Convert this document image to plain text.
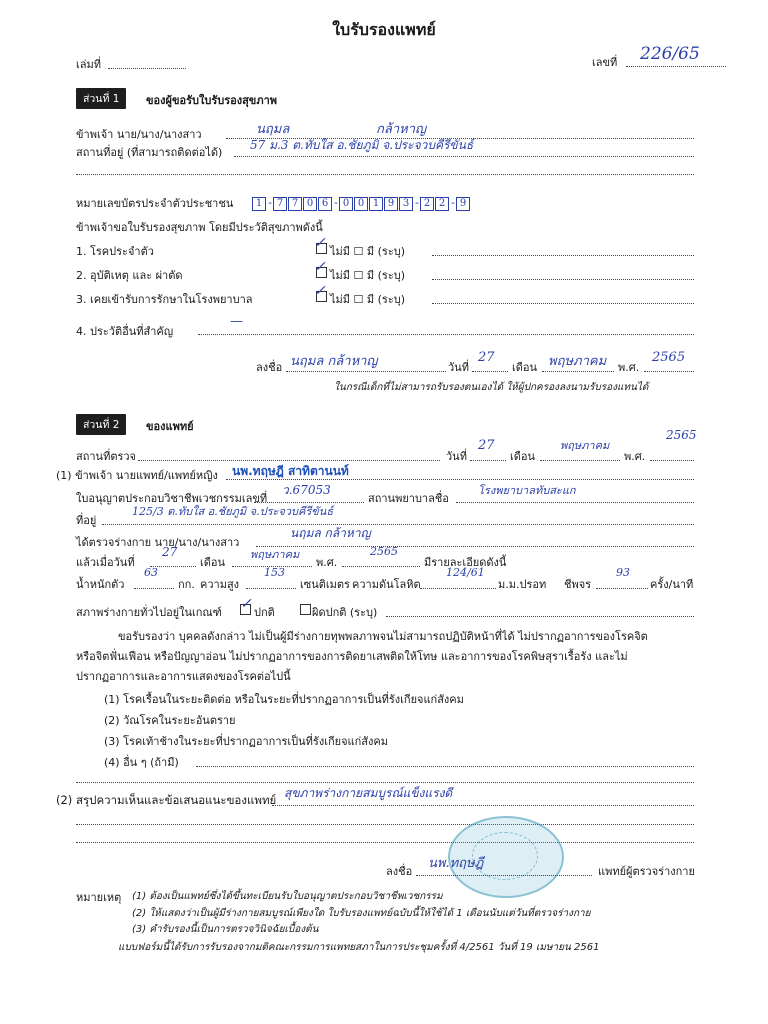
ใบรับรองแพทย์
เล่มที่	เลขที่ 226/65
ส่วนที่ 1	ของผู้ขอรับใบรับรองสุขภาพ
ข้าพเจ้า นาย/นาง/นางสาว	นฤมล	กล้าหาญ
สถานที่อยู่ (ที่สามารถติดต่อได้)
57 ม.3 ต.ทับใส อ.ชัยภูมิ จ.ประจวบคีรีขันธ์
หมายเลขบัตรประจำตัวประชาชน	1 - 7 7 0 6 - 0 0 1 9 3 - 2 2 - 9
ข้าพเจ้าขอใบรับรองสุขภาพ โดยมีประวัติสุขภาพดังนี้
1. โรคประจำตัว
✓
ไม่มี ☐ มี (ระบุ)
2. อุบัติเหตุ และ ผ่าตัด
✓
ไม่มี ☐ มี (ระบุ)
3. เคยเข้ารับการรักษาในโรงพยาบาล
✓
ไม่มี ☐ มี (ระบุ)
4. ประวัติอื่นที่สำคัญ
—
ลงชื่อ นฤมล กล้าหาญ	วันที่
27
เดือน พฤษภาคม พ.ศ.
2565
ในกรณีเด็กที่ไม่สามารถรับรองตนเองได้ ให้ผู้ปกครองลงนามรับรองแทนได้
ส่วนที่ 2	ของแพทย์
สถานที่ตรวจ	วันที่
27
เดือน
พฤษภาคม
พ.ศ.
2565
(1) ข้าพเจ้า นายแพทย์/แพทย์หญิง นพ.ทฤษฎี สาทิตานนท์
ใบอนุญาตประกอบวิชาชีพเวชกรรมเลขที่
ว.67053
สถานพยาบาลชื่อ
โรงพยาบาลทับสะแก
ที่อยู่
125/3 ต.ทับใส อ.ชัยภูมิ จ.ประจวบคีรีขันธ์
ได้ตรวจร่างกาย นาย/นาง/นางสาว
นฤมล กล้าหาญ
แล้วเมื่อวันที่
27
เดือน
พฤษภาคม
พ.ศ.
2565
มีรายละเอียดดังนี้
น้ำหนักตัว
63
กก. ความสูง
153
เซนติเมตร ความดันโลหิต
124/61
ม.ม.ปรอท ชีพจร
93
ครั้ง/นาที
สภาพร่างกายทั่วไปอยู่ในเกณฑ์
✓
ปกติ	ผิดปกติ (ระบุ)
ขอรับรองว่า บุคคลดังกล่าว ไม่เป็นผู้มีร่างกายทุพพลภาพจนไม่สามารถปฏิบัติหน้าที่ได้ ไม่ปรากฏอาการของโรคจิต
หรือจิตฟั่นเฟือน หรือปัญญาอ่อน ไม่ปรากฏอาการของการติดยาเสพติดให้โทษ และอาการของโรคพิษสุราเรื้อรัง และไม่
ปรากฏอาการและอาการแสดงของโรคต่อไปนี้
(1) โรคเรื้อนในระยะติดต่อ หรือในระยะที่ปรากฏอาการเป็นที่รังเกียจแก่สังคม
(2) วัณโรคในระยะอันตราย
(3) โรคเท้าช้างในระยะที่ปรากฏอาการเป็นที่รังเกียจแก่สังคม
(4) อื่น ๆ (ถ้ามี)
(2) สรุปความเห็นและข้อเสนอแนะของแพทย์ สุขภาพร่างกายสมบูรณ์แข็งแรงดี
ลงชื่อ
นพ.ทฤษฎี
แพทย์ผู้ตรวจร่างกาย
หมายเหตุ (1) ต้องเป็นแพทย์ซึ่งได้ขึ้นทะเบียนรับใบอนุญาตประกอบวิชาชีพเวชกรรม
(2) ให้แสดงว่าเป็นผู้มีร่างกายสมบูรณ์เพียงใด ใบรับรองแพทย์ฉบับนี้ให้ใช้ได้ 1 เดือนนับแต่วันที่ตรวจร่างกาย
(3) คำรับรองนี้เป็นการตรวจวินิจฉัยเบื้องต้น
แบบฟอร์มนี้ได้รับการรับรองจากมติคณะกรรมการแพทยสภาในการประชุมครั้งที่ 4/2561 วันที่ 19 เมษายน 2561
